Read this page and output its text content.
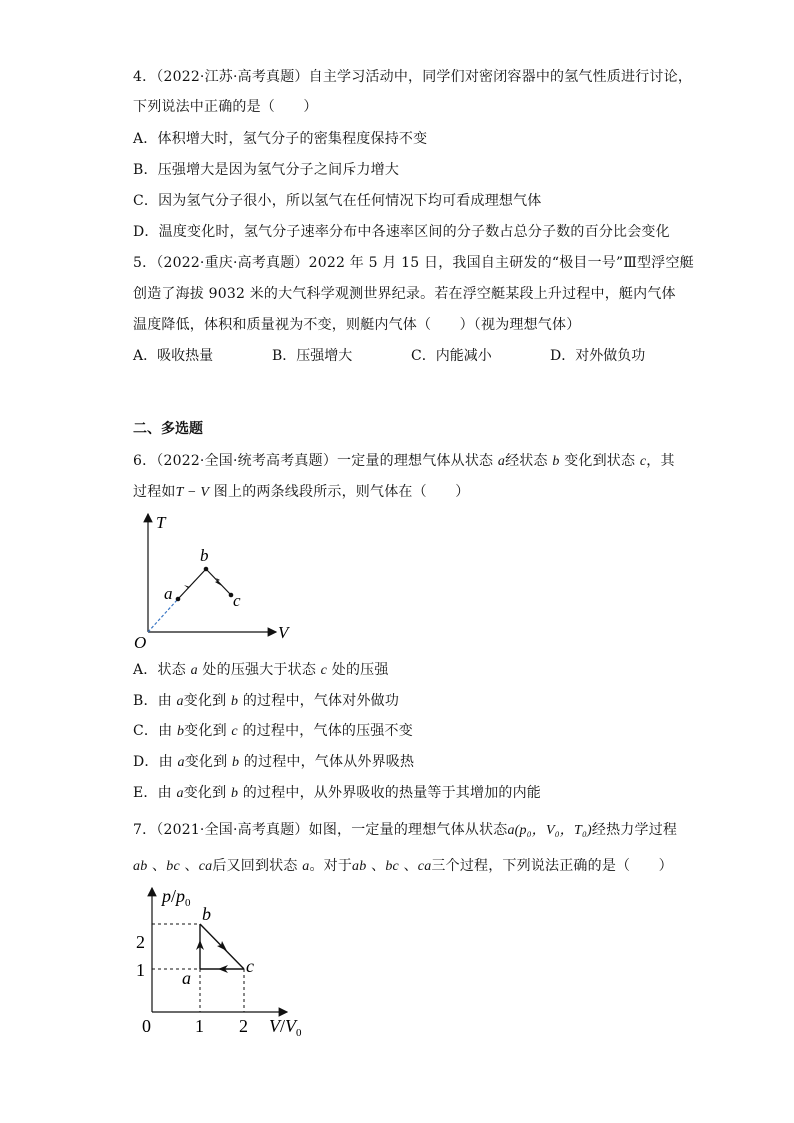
4．（2022·江苏·高考真题）自主学习活动中，同学们对密闭容器中的氢气性质进行讨论，
下列说法中正确的是（　　）
A．体积增大时，氢气分子的密集程度保持不变
B．压强增大是因为氢气分子之间斥力增大
C．因为氢气分子很小，所以氢气在任何情况下均可看成理想气体
D．温度变化时，氢气分子速率分布中各速率区间的分子数占总分子数的百分比会变化
5．（2022·重庆·高考真题）2022 年 5 月 15 日，我国自主研发的“极目一号”Ⅲ型浮空艇
创造了海拔 9032 米的大气科学观测世界纪录。若在浮空艇某段上升过程中，艇内气体
温度降低，体积和质量视为不变，则艇内气体（　　）（视为理想气体）
A．吸收热量	B．压强增大	C．内能减小	D．对外做负功
二、多选题
6．（2022·全国·统考高考真题）一定量的理想气体从状态 a经状态 b 变化到状态 c，其
过程如T − V 图上的两条线段所示，则气体在（　　）
T
V
O
a
b
c
A．状态 a 处的压强大于状态 c 处的压强
B．由 a变化到 b 的过程中，气体对外做功
C．由 b变化到 c 的过程中，气体的压强不变
D．由 a变化到 b 的过程中，气体从外界吸热
E．由 a变化到 b 的过程中，从外界吸收的热量等于其增加的内能
7．（2021·全国·高考真题）如图，一定量的理想气体从状态a(p₀，V₀，T₀)经热力学过程
ab 、bc 、ca后又回到状态 a。对于ab 、bc 、ca三个过程，下列说法正确的是（　　）
$p/p_0$
$V/V_0$
2
1
0 1 2
a
b
c
